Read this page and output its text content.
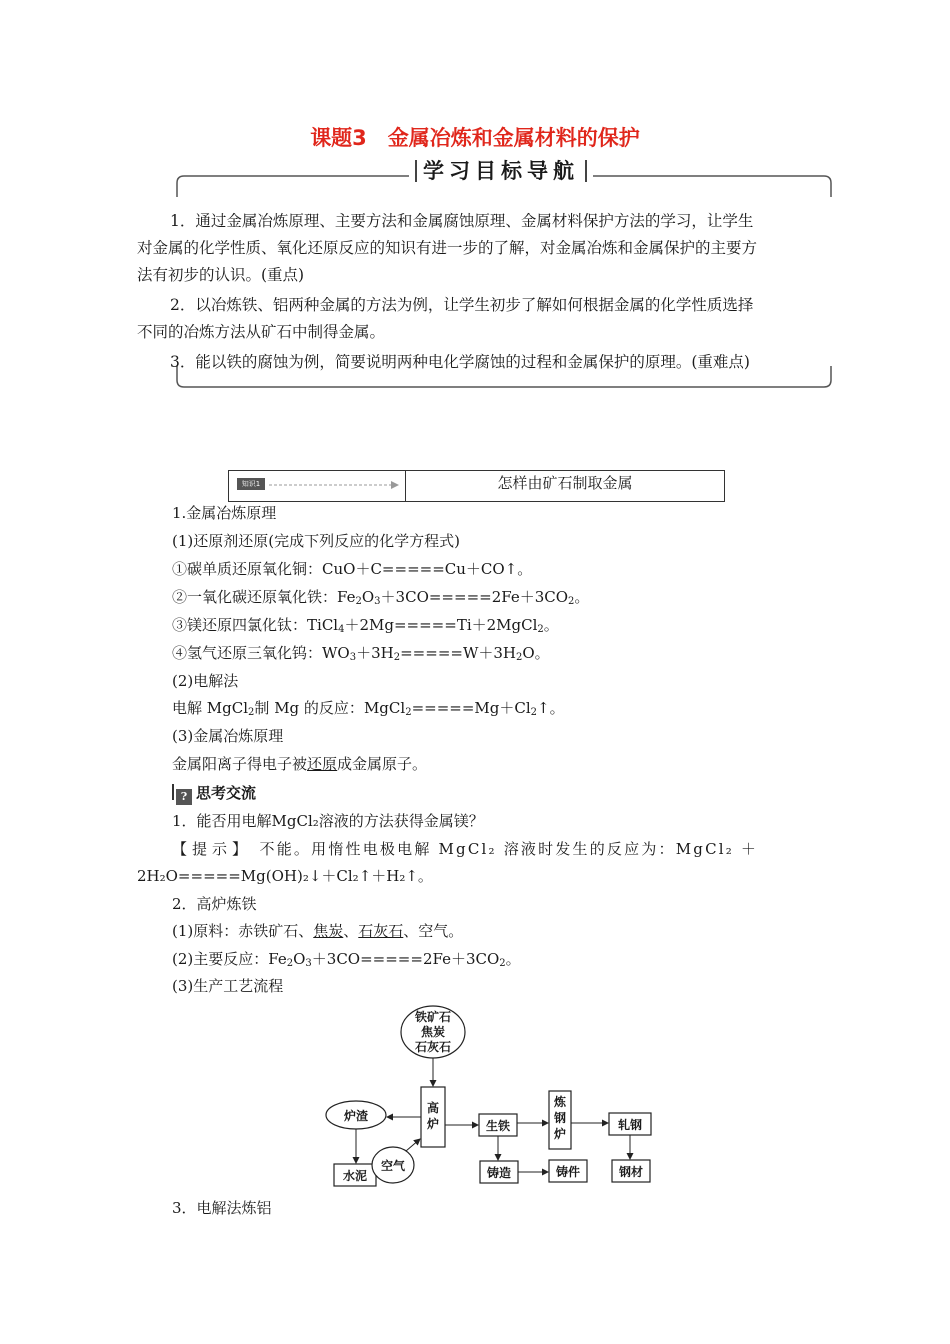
课题3　金属冶炼和金属材料的保护
学习目标导航
1．通过金属冶炼原理、主要方法和金属腐蚀原理、金属材料保护方法的学习，让学生
对金属的化学性质、氧化还原反应的知识有进一步的了解，对金属冶炼和金属保护的主要方
法有初步的认识。(重点)
2．以冶炼铁、铝两种金属的方法为例，让学生初步了解如何根据金属的化学性质选择
不同的冶炼方法从矿石中制得金属。
3．能以铁的腐蚀为例，简要说明两种电化学腐蚀的过程和金属保护的原理。(重难点)
知识1	怎样由矿石制取金属
1.金属冶炼原理
(1)还原剂还原(完成下列反应的化学方程式)
①碳单质还原氧化铜：CuO＋C=====Cu＋CO↑。
②一氧化碳还原氧化铁：$Fe_2O_3+3CO=====2Fe+3CO_2$。
③镁还原四氯化钛：TiCl$_4$＋2Mg=====Ti＋2MgCl$_2$。
④氢气还原三氧化钨：$WO_3+3H_2=====W+3H_2O$。
(2)电解法
电解 MgCl$_2$制 Mg 的反应：$MgCl_2=====Mg+Cl_2↑$。
(3)金属冶炼原理
金属阳离子得电子被还原成金属原子。
? 思考交流
1．能否用电解MgCl₂溶液的方法获得金属镁？
【提示】　 不能。用惰性电极电解 MgCl₂ 溶液时发生的反应为：MgCl₂ ＋
2H₂O=====Mg(OH)₂↓＋Cl₂↑＋H₂↑。
2．高炉炼铁
(1)原料：赤铁矿石、焦炭、石灰石、空气。
(2)主要反应：$Fe_2O_3+3CO=====2Fe+3CO_2$。
(3)生产工艺流程
铁矿石
焦炭
石灰石
高
炉
炉渣
水泥
空气
生铁
炼
钢
炉
轧钢
钢材
铸造	铸件
3．电解法炼铝
